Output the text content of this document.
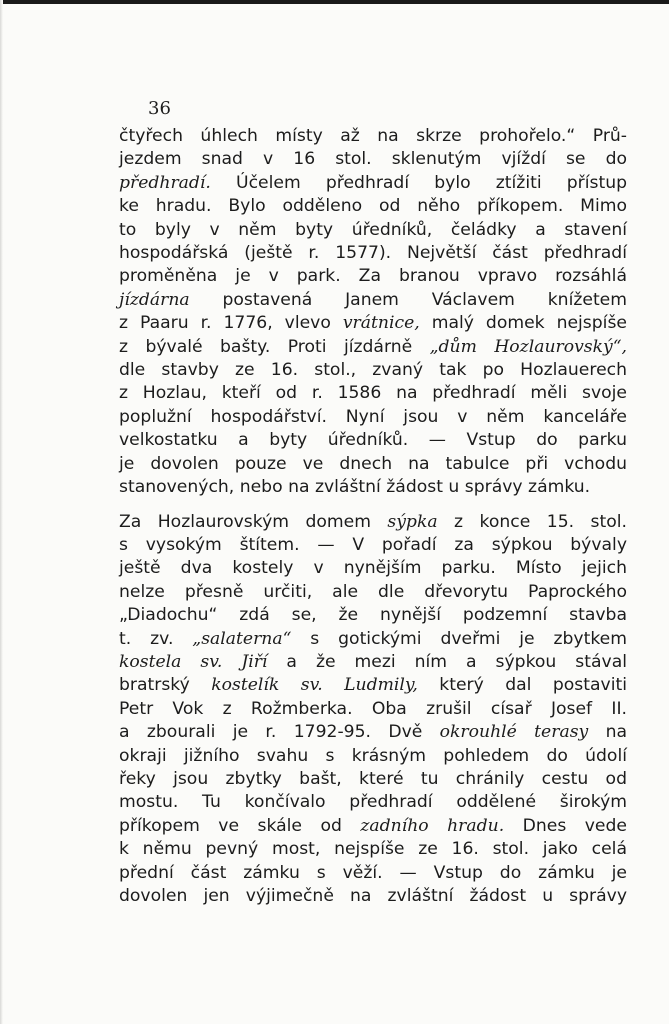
36
čtyřech úhlech místy až na skrze prohořelo.“ Prů-
jezdem snad v 16 stol. sklenutým vjíždí se do
předhradí. Účelem předhradí bylo ztížiti přístup
ke hradu. Bylo odděleno od něho příkopem. Mimo
to byly v něm byty úředníků, čeládky a stavení
hospodářská (ještě r. 1577). Největší část předhradí
proměněna je v park. Za branou vpravo rozsáhlá
jízdárna postavená Janem Václavem knížetem
z Paaru r. 1776, vlevo vrátnice, malý domek nejspíše
z bývalé bašty. Proti jízdárně „dům Hozlaurovský“,
dle stavby ze 16. stol., zvaný tak po Hozlauerech
z Hozlau, kteří od r. 1586 na předhradí měli svoje
poplužní hospodářství. Nyní jsou v něm kanceláře
velkostatku a byty úředníků. — Vstup do parku
je dovolen pouze ve dnech na tabulce při vchodu
stanovených, nebo na zvláštní žádost u správy zámku.
Za Hozlaurovským domem sýpka z konce 15. stol.
s vysokým štítem. — V pořadí za sýpkou bývaly
ještě dva kostely v nynějším parku. Místo jejich
nelze přesně určiti, ale dle dřevorytu Paprockého
„Diadochu“ zdá se, že nynější podzemní stavba
t. zv. „salaterna“ s gotickými dveřmi je zbytkem
kostela sv. Jiří a že mezi ním a sýpkou stával
bratrský kostelík sv. Ludmily, který dal postaviti
Petr Vok z Rožmberka. Oba zrušil císař Josef II.
a zbourali je r. 1792-95. Dvě okrouhlé terasy na
okraji jižního svahu s krásným pohledem do údolí
řeky jsou zbytky bašt, které tu chránily cestu od
mostu. Tu končívalo předhradí oddělené širokým
příkopem ve skále od zadního hradu. Dnes vede
k němu pevný most, nejspíše ze 16. stol. jako celá
přední část zámku s věží. — Vstup do zámku je
dovolen jen výjimečně na zvláštní žádost u správy
